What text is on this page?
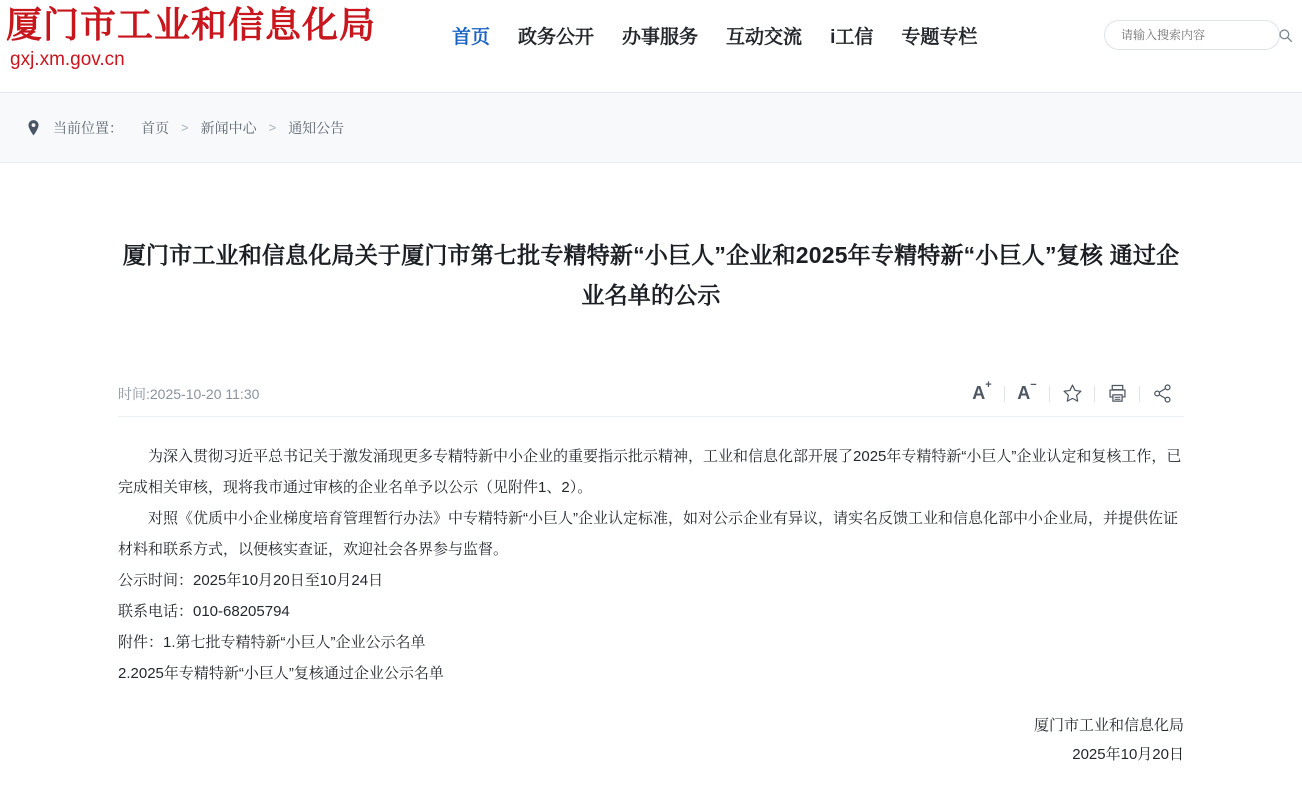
厦门市工业和信息化局
gxj.xm.gov.cn
首页 政务公开 办事服务 互动交流 i工信 专题专栏
请输入搜索内容
当前位置： 首页 > 新闻中心 > 通知公告
厦门市工业和信息化局关于厦门市第七批专精特新“小巨人”企业和2025年专精特新“小巨人”复核 通过企业名单的公示
时间:2025-10-20 11:30	A+ A−

为深入贯彻习近平总书记关于激发涌现更多专精特新中小企业的重要指示批示精神，工业和信息化部开展了2025年专精特新“小巨人”企业认定和复核工作，已完成相关审核，现将我市通过审核的企业名单予以公示（见附件1、2）。

对照《优质中小企业梯度培育管理暂行办法》中专精特新“小巨人”企业认定标准，如对公示企业有异议，请实名反馈工业和信息化部中小企业局，并提供佐证材料和联系方式，以便核实查证，欢迎社会各界参与监督。

公示时间：2025年10月20日至10月24日

联系电话：010-68205794

附件：1.第七批专精特新“小巨人”企业公示名单

2.2025年专精特新“小巨人”复核通过企业公示名单

厦门市工业和信息化局
2025年10月20日
